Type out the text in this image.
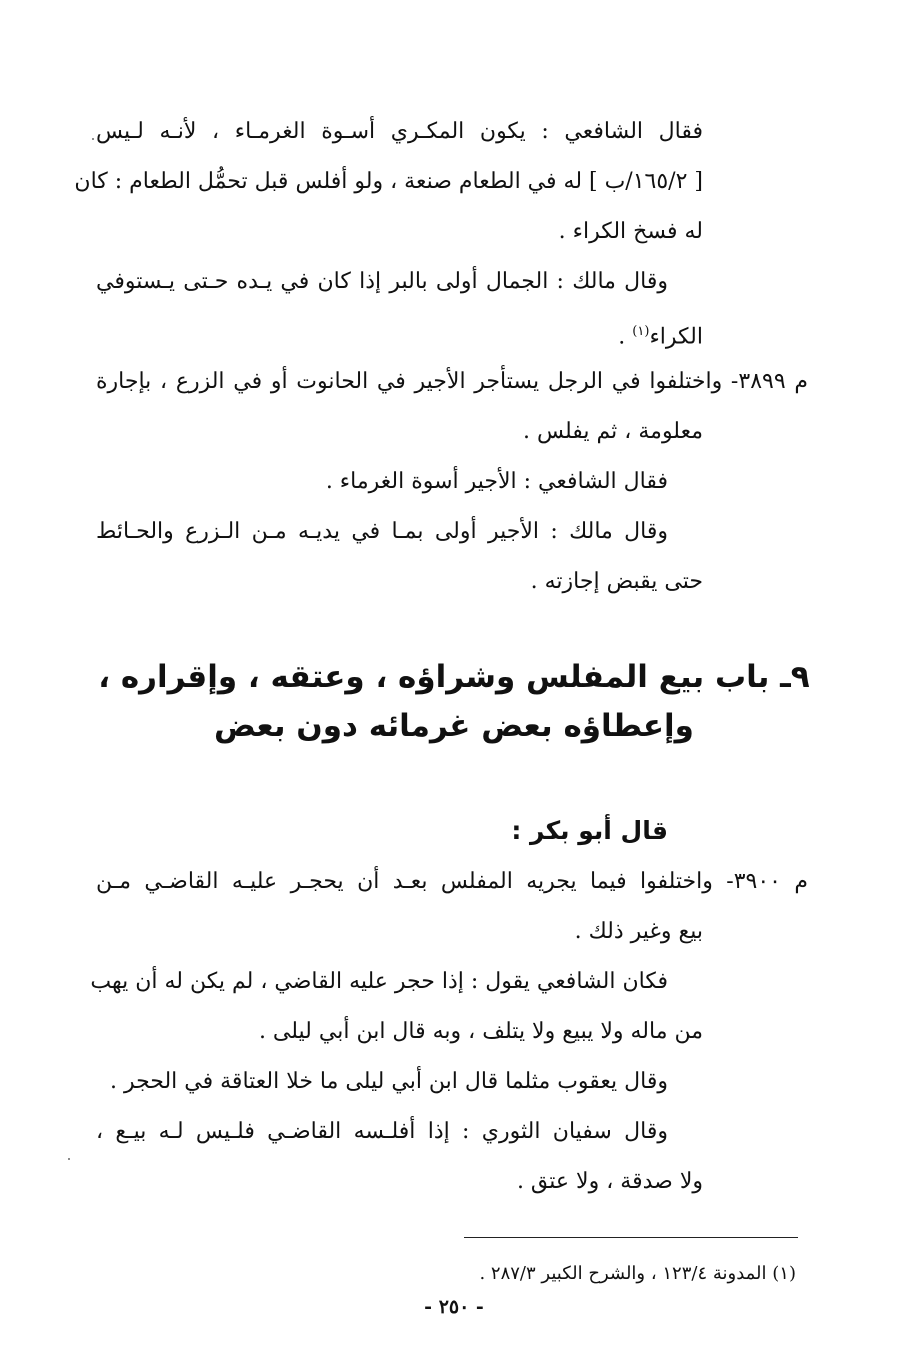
فقال الشافعي : يكون المكـري أسـوة الغرمـاء ، لأنـه لـيس
[ ١٦٥/٢/ب ] له في الطعام صنعة ، ولو أفلس قبل تحمُّل الطعام : كان
له فسخ الكراء .
وقال مالك : الجمال أولى بالبر إذا كان في يـده حـتى يـستوفي
الكراء$^{(١)}$ .
م ٣٨٩٩- واختلفوا في الرجل يستأجر الأجير في الحانوت أو في الزرع ، بإجارة
معلومة ، ثم يفلس .
فقال الشافعي : الأجير أسوة الغرماء .
وقال مالك : الأجير أولى بمـا في يديـه مـن الـزرع والحـائط
حتى يقبض إجازته .
٩ـ باب بيع المفلس وشراؤه ، وعتقه ، وإقراره ،
وإعطاؤه بعض غرمائه دون بعض
قال أبو بكر :
م ٣٩٠٠- واختلفوا فيما يجريه المفلس بعـد أن يحجـر عليـه القاضـي مـن
بيع وغير ذلك .
فكان الشافعي يقول : إذا حجر عليه القاضي ، لم يكن له أن يهب
من ماله ولا يبيع ولا يتلف ، وبه قال ابن أبي ليلى .
وقال يعقوب مثلما قال ابن أبي ليلى ما خلا العتاقة في الحجر .
وقال سفيان الثوري : إذا أفلـسه القاضـي فلـيس لـه بيـع ،
ولا صدقة ، ولا عتق .
(١) المدونة ١٢٣/٤ ، والشرح الكبير ٢٨٧/٣ .
- ٢٥٠ -
